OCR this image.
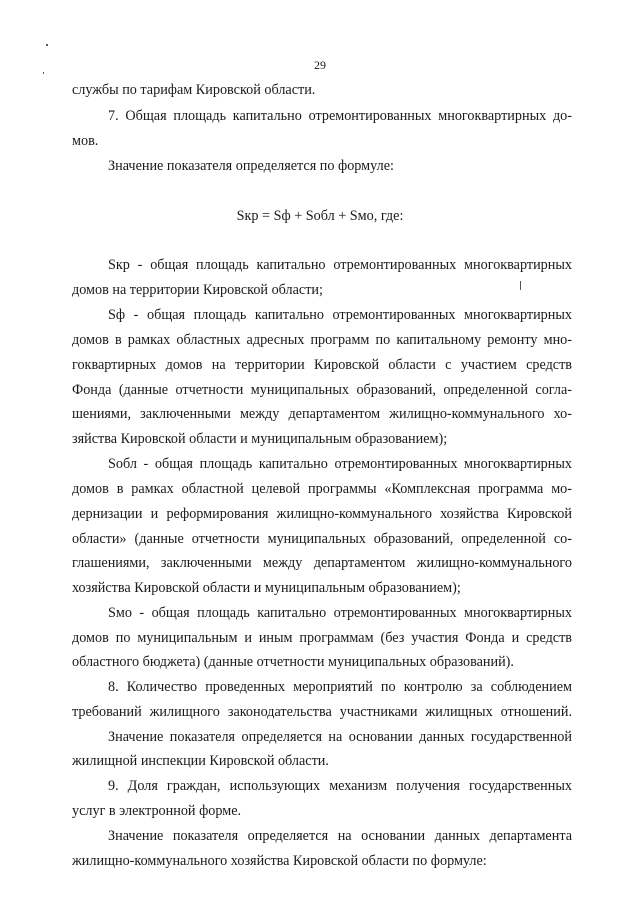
29
службы по тарифам Кировской области.
7. Общая площадь капитально отремонтированных многоквартирных до-
мов.
Значение показателя определяется по формуле:
Sкр = Sф + Sобл + Sмо, где:
Sкр - общая площадь капитально отремонтированных многоквартирных
домов на территории Кировской области;
Sф - общая площадь капитально отремонтированных многоквартирных
домов в рамках областных адресных программ по капитальному ремонту мно-
гоквартирных домов на территории Кировской области с участием средств
Фонда (данные отчетности муниципальных образований, определенной согла-
шениями, заключенными между департаментом жилищно-коммунального хо-
зяйства Кировской области и муниципальным образованием);
Sобл - общая площадь капитально отремонтированных многоквартирных
домов в рамках областной целевой программы «Комплексная программа мо-
дернизации и реформирования жилищно-коммунального хозяйства Кировской
области» (данные отчетности муниципальных образований, определенной со-
глашениями, заключенными между департаментом жилищно-коммунального
хозяйства Кировской области и муниципальным образованием);
Sмо - общая площадь капитально отремонтированных многоквартирных
домов по муниципальным и иным программам (без участия Фонда и средств
областного бюджета) (данные отчетности муниципальных образований).
8. Количество проведенных мероприятий по контролю за соблюдением
требований жилищного законодательства участниками жилищных отношений.
Значение показателя определяется на основании данных государственной
жилищной инспекции Кировской области.
9. Доля граждан, использующих механизм получения государственных
услуг в электронной форме.
Значение показателя определяется на основании данных департамента
жилищно-коммунального хозяйства Кировской области по формуле:
